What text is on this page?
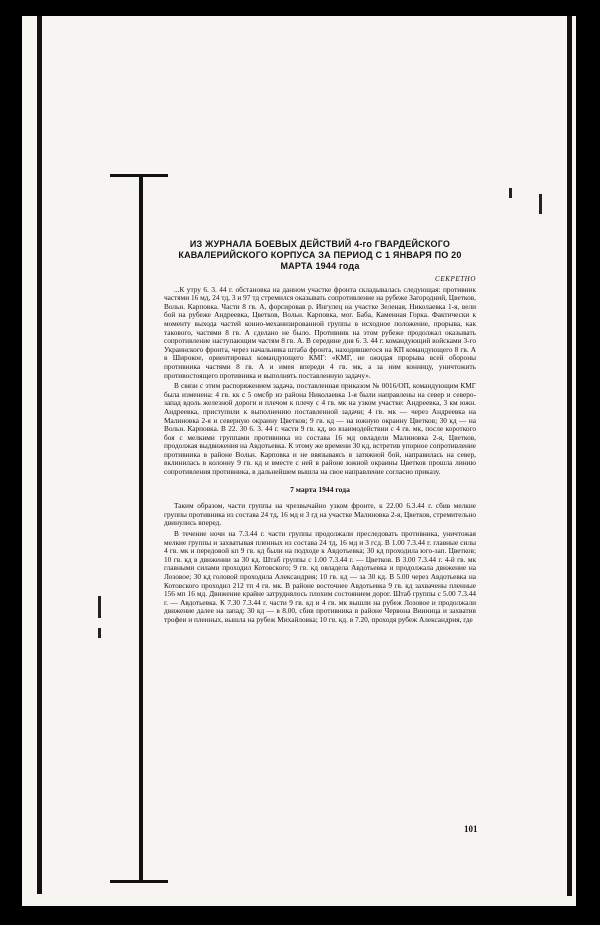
ИЗ ЖУРНАЛА БОЕВЫХ ДЕЙСТВИЙ 4-го ГВАРДЕЙСКОГО КАВАЛЕРИЙСКОГО КОРПУСА ЗА ПЕРИОД С 1 ЯНВАРЯ ПО 20 МАРТА 1944 года

СЕКРЕТНО

...К утру 6. 3. 44 г. обстановка на данном участке фронта складывалась следующая: противник частями 16 мд, 24 тд, 3 и 97 тд стремился оказывать сопротивление на рубеже Загородний, Цветков, Вольн. Карповка. Части 8 гв. А, форсировав р. Ингулец на участке Зеленая, Николаевка 1-я, вели бой на рубеже Андреевка, Цветков, Вольн. Карповка, мог. Баба, Каменная Горка. Фактически к моменту выхода частей конно-механизированной группы в исходное положение, прорыва, как такового, частями 8 гв. А сделано не было. Противник на этом рубеже продолжал оказывать сопротивление наступающим частям 8 гв. А. В середине дня 6. 3. 44 г. командующий войсками 3-го Украинского фронта, через начальника штаба фронта, находившегося на КП командующего 8 гв. А в Широкое, ориентировал командующего КМГ: «КМГ, не ожидая прорыва всей обороны противника частями 8 гв. А и имея впереди 4 гв. мк, а за ним конницу, уничтожить противостоящего противника и выполнять поставленную задачу».

В связи с этим распоряжением задача, поставленная приказом № 0016/ОП, командующим КМГ была изменена: 4 гв. кк с 5 омсбр из района Николаевка 1-я были направлены на север и северо-запад вдоль железной дороги и плечом к плечу с 4 гв. мк на узком участке: Андреевка, 3 км южн. Андреевка, приступили к выполнению поставленной задачи; 4 гв. мк — через Андреевка на Малиновка 2-я и северную окраину Цветков; 9 гв. кд — на южную окраину Цветков; 30 кд — на Вольн. Карповка. В 22. 30 6. 3. 44 г. части 9 гв. кд, во взаимодействии с 4 гв. мк, после короткого боя с мелкими группами противника из состава 16 мд овладели Малиновка 2-я, Цветков, продолжая выдвижения на Авдотьевка. К этому же времени 30 кд, встретив упорное сопротивление противника в районе Вольн. Карповка и не ввязываясь в затяжной бой, направилась на север, вклинилась в колонну 9 гв. кд и вместе с ней в районе южной окраины Цветков прошла линию сопротивления противника, в дальнейшем вышла на свое направление согласно приказу.

7 марта 1944 года

Таким образом, части группы на чрезвычайно узком фронте, к 22.00 6.3.44 г. сбив мелкие группы противника из состава 24 тд, 16 мд и 3 гд на участке Малиновка 2-я, Цветков, стремительно двинулись вперед.

В течение ночи на 7.3.44 г. части группы продолжали преследовать противника, уничтожая мелкие группы и захватывая пленных из состава 24 тд, 16 мд и 3 гсд. В 1.00 7.3.44 г. главные силы 4 гв. мк и передовой кп 9 гв. кд были на подходе к Авдотьевка; 30 кд проходила юго-зап. Цветков; 10 гв. кд в движении за 30 кд. Штаб группы с 1.00 7.3.44 г. — Цветков. В 3.00 7.3.44 г. 4-й гв. мк главными силами проходил Котовского; 9 гв. кд овладела Авдотьевка и продолжала движение на Лозовое; 30 кд головой проходила Александрия; 10 гв. кд — за 30 кд. В 5.00 через Авдотьевка на Котовского проходил 212 тп 4 гв. мк. В районе восточнее Авдотьевка 9 гв. кд захвачены пленные 156 мп 16 мд. Движение крайне затруднялось плохим состоянием дорог. Штаб группы с 5.00 7.3.44 г. — Авдотьевка. К 7.30 7.3.44 г. части 9 гв. кд и 4 гв. мк вышли на рубеж Лозовое и продолжали движение далее на запад; 30 кд — в 8.00, сбив противника в районе Червона Винница и захватив трофеи и пленных, вышла на рубеж Михайловка; 10 гв. кд. в 7.20, проходя рубеж Александрия, где

101
